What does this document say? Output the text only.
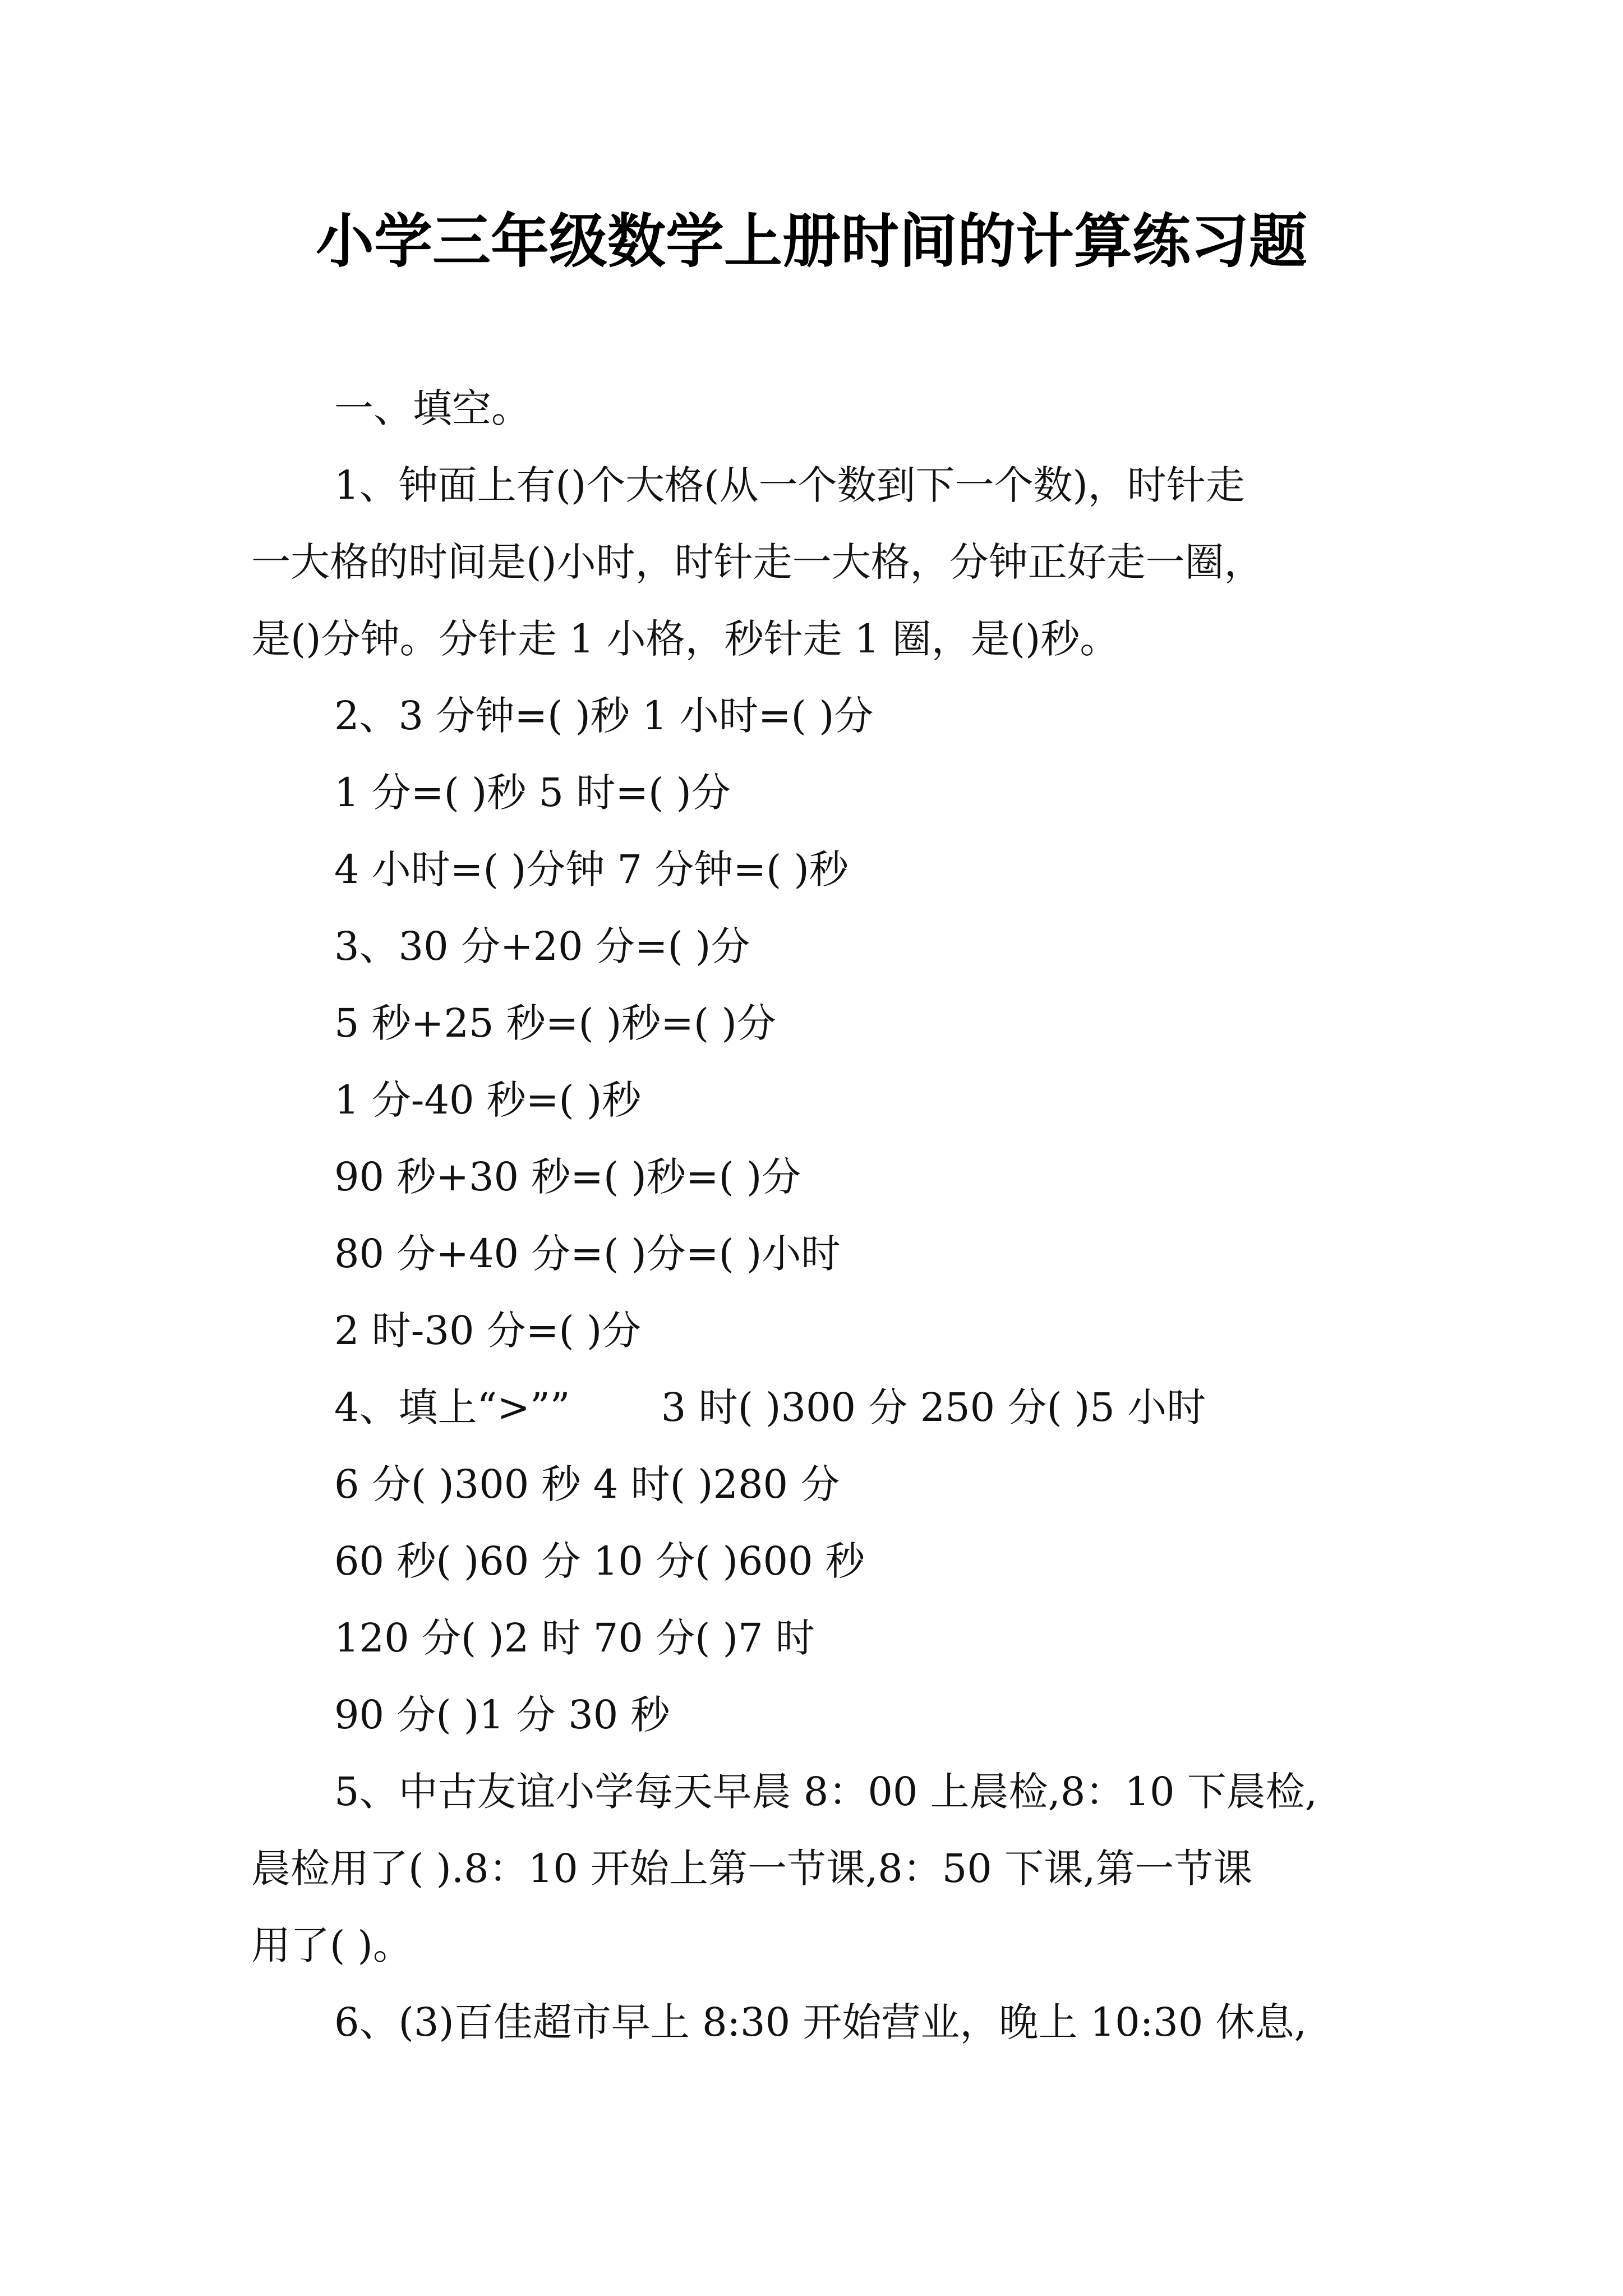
小学三年级数学上册时间的计算练习题
一、填空。
1、钟面上有()个大格(从一个数到下一个数)，时针走
一大格的时间是()小时，时针走一大格，分钟正好走一圈，
是()分钟。分针走 1 小格，秒针走 1 圈，是()秒。
2、3 分钟=( )秒 1 小时=( )分
1 分=( )秒 5 时=( )分
4 小时=( )分钟 7 分钟=( )秒
3、30 分+20 分=( )分
5 秒+25 秒=( )秒=( )分
1 分-40 秒=( )秒
90 秒+30 秒=( )秒=( )分
80 分+40 分=( )分=( )小时
2 时-30 分=( )分
4、填上“>””　　 3 时( )300 分 250 分( )5 小时
6 分( )300 秒 4 时( )280 分
60 秒( )60 分 10 分( )600 秒
120 分( )2 时 70 分( )7 时
90 分( )1 分 30 秒
5、中古友谊小学每天早晨 8：00 上晨检,8：10 下晨检,
晨检用了( ).8：10 开始上第一节课,8：50 下课,第一节课
用了( )。
6、(3)百佳超市早上 8:30 开始营业，晚上 10:30 休息,
